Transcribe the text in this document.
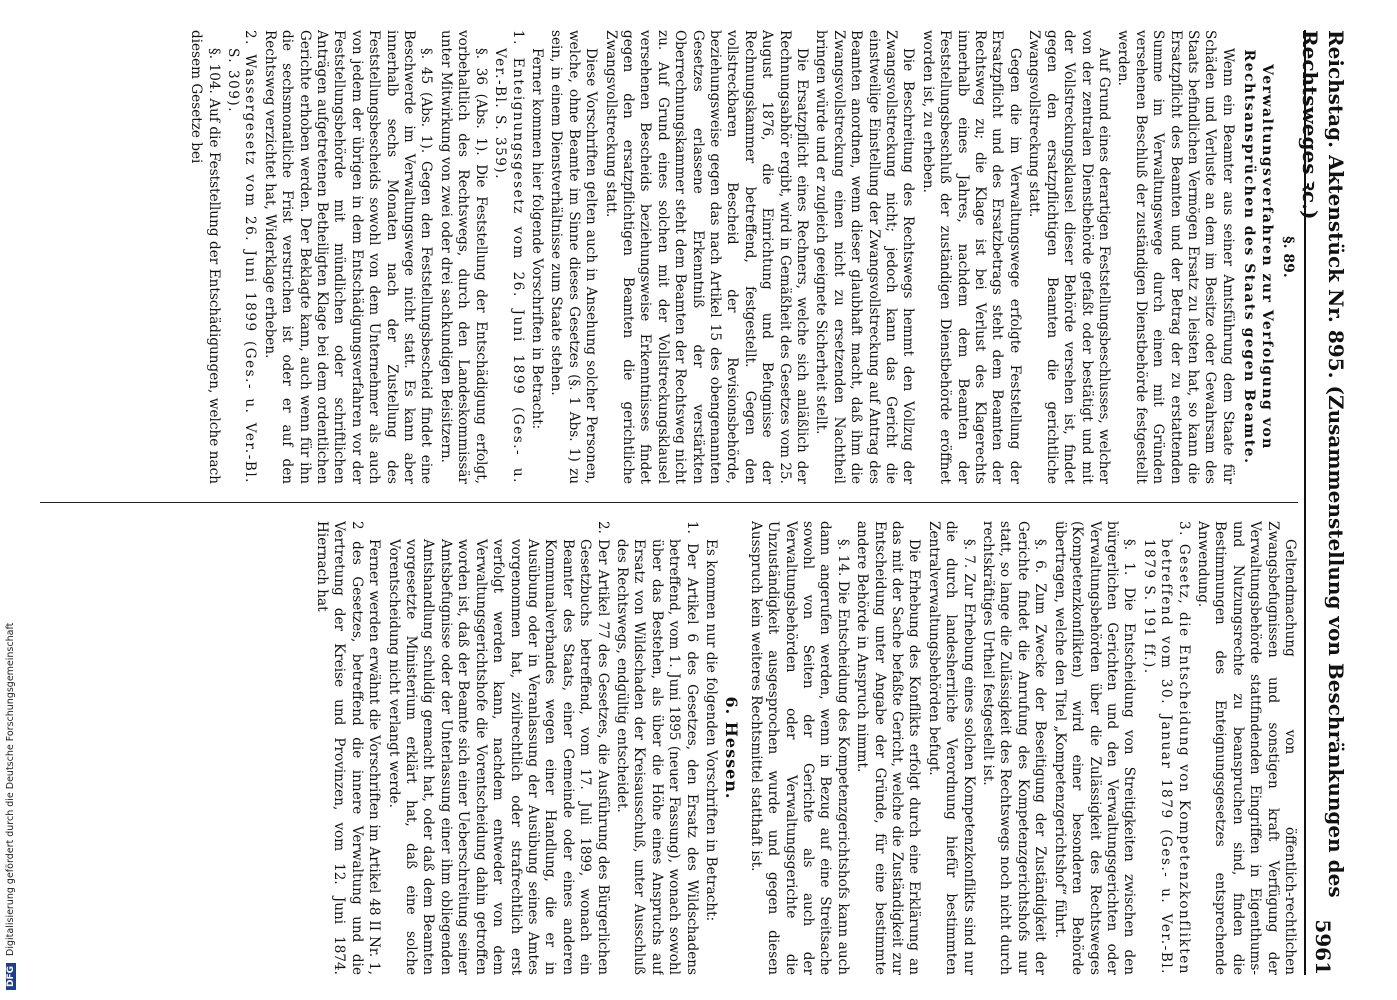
Reichstag. Aktenstück Nr. 895. (Zusammenstellung von Beschränkungen des Rechtsweges ꝛc.)
5961
§. 89.
Verwaltungsverfahren zur Verfolgung von Rechtsansprüchen des Staats gegen Beamte.

Wenn ein Beamter aus seiner Amtsführung dem Staate für Schäden und Verluste an dem im Besitze oder Gewahrsam des Staats befindlichen Vermögen Ersatz zu leisten hat, so kann die Ersatzpflicht des Beamten und der Betrag der zu erstattenden Summe im Verwaltungswege durch einen mit Gründen versehenen Beschluß der zuständigen Dienstbehörde festgestellt werden.

Auf Grund eines derartigen Feststellungsbeschlusses, welcher von der zentralen Dienstbehörde gefaßt oder bestätigt und mit der Vollstreckungsklausel dieser Behörde versehen ist, findet gegen den ersatzpflichtigen Beamten die gerichtliche Zwangsvollstreckung statt.

Gegen die im Verwaltungswege erfolgte Feststellung der Ersatzpflicht und des Ersatzbetrags steht dem Beamten der Rechtsweg zu; die Klage ist bei Verlust des Klagerechts innerhalb eines Jahres, nachdem dem Beamten der Feststellungsbeschluß der zuständigen Dienstbehörde eröffnet worden ist, zu erheben.

Die Beschreitung des Rechtswegs hemmt den Vollzug der Zwangsvollstreckung nicht; jedoch kann das Gericht die einstweilige Einstellung der Zwangsvollstreckung auf Antrag des Beamten anordnen, wenn dieser glaubhaft macht, daß ihm die Zwangsvollstreckung einen nicht zu ersetzenden Nachtheil bringen würde und er zugleich geeignete Sicherheit stellt.

Die Ersatzpflicht eines Rechners, welche sich anläßlich der Rechnungsabhör ergibt, wird in Gemäßheit des Gesetzes vom 25. August 1876, die Einrichtung und Befugnisse der Rechnungskammer betreffend, festgestellt. Gegen den vollstreckbaren Bescheid der Revisionsbehörde, beziehungsweise gegen das nach Artikel 15 des obengenannten Gesetzes erlassene Erkenntniß der verstärkten Oberrechnungskammer steht dem Beamten der Rechtsweg nicht zu. Auf Grund eines solchen mit der Vollstreckungsklausel versehenen Bescheids beziehungsweise Erkenntnisses findet gegen den ersatzpflichtigen Beamten die gerichtliche Zwangsvollstreckung statt.

Diese Vorschriften gelten auch in Ansehung solcher Personen, welche, ohne Beamte im Sinne dieses Gesetzes (§. 1 Abs. 1) zu sein, in einem Dienstverhältnisse zum Staate stehen.

Ferner kommen hier folgende Vorschriften in Betracht:

1. Enteignungsgesetz vom 26. Juni 1899 (Ges.- u. Ver.-Bl. S. 359).

§. 36 (Abs. 1). Die Feststellung der Entschädigung erfolgt, vorbehaltlich des Rechtswegs, durch den Landeskommissär unter Mitwirkung von zwei oder drei sachkundigen Beisitzern.

§. 45 (Abs. 1). Gegen den Feststellungsbescheid findet eine Beschwerde im Verwaltungswege nicht statt. Es kann aber innerhalb sechs Monaten nach der Zustellung des Feststellungsbescheids sowohl von dem Unternehmer als auch von jedem der übrigen in dem Entschädigungsverfahren vor der Feststellungsbehörde mit mündlichen oder schriftlichen Anträgen aufgetretenen Betheiligten Klage bei dem ordentlichen Gerichte erhoben werden. Der Beklagte kann, auch wenn für ihn die sechsmonatliche Frist verstrichen ist oder er auf den Rechtsweg verzichtet hat, Widerklage erheben.

2. Wassergesetz vom 26. Juni 1899 (Ges.- u. Ver.-Bl. S. 309).

§. 104. Auf die Feststellung der Entschädigungen, welche nach diesem Gesetze bei

Geltendmachung von öffentlich-rechtlichen Zwangsbefugnissen und sonstigen kraft Verfügung der Verwaltungsbehörde stattfindenden Eingriffen in Eigenthums- und Nutzungsrechte zu beanspruchen sind, finden die Bestimmungen des Enteignungsgesetzes entsprechende Anwendung.

3. Gesetz, die Entscheidung von Kompetenzkonflikten betreffend vom 30. Januar 1879 (Ges.- u. Ver.-Bl. 1879 S. 191 ff.).

§. 1. Die Entscheidung von Streitigkeiten zwischen den bürgerlichen Gerichten und den Verwaltungsgerichten oder Verwaltungsbehörden über die Zulässigkeit des Rechtsweges (Kompetenzkonflikten) wird einer besonderen Behörde übertragen, welche den Titel „Kompetenzgerichtshof“ führt.

§. 6. Zum Zwecke der Beseitigung der Zuständigkeit der Gerichte findet die Anrufung des Kompetenzgerichtshofs nur statt, so lange die Zulässigkeit des Rechtswegs noch nicht durch rechtskräftiges Urtheil festgestellt ist.

§. 7. Zur Erhebung eines solchen Kompetenzkonflikts sind nur die durch landesherrliche Verordnung hiefür bestimmten Zentralverwaltungsbehörden befugt.

Die Erhebung des Konflikts erfolgt durch eine Erklärung an das mit der Sache befaßte Gericht, welche die Zuständigkeit zur Entscheidung unter Angabe der Gründe, für eine bestimmte andere Behörde in Anspruch nimmt.

§. 14. Die Entscheidung des Kompetenzgerichtshofs kann auch dann angerufen werden, wenn in Bezug auf eine Streitsache sowohl von Seiten der Gerichte als auch der Verwaltungsbehörden oder Verwaltungsgerichte die Unzuständigkeit ausgesprochen wurde und gegen diesen Ausspruch kein weiteres Rechtsmittel statthaft ist.

6. Hessen.

Es kommen nur die folgenden Vorschriften in Betracht:

1. Der Artikel 6 des Gesetzes, den Ersatz des Wildschadens betreffend, vom 1. Juni 1895 (neuer Fassung), wonach sowohl über das Bestehen, als über die Höhe eines Anspruchs auf Ersatz von Wildschaden der Kreisausschuß, unter Ausschluß des Rechtswegs, endgültig entscheidet.

2. Der Artikel 77 des Gesetzes, die Ausführung des Bürgerlichen Gesetzbuchs betreffend, vom 17. Juli 1899, wonach ein Beamter des Staats, einer Gemeinde oder eines anderen Kommunalverbandes wegen einer Handlung, die er in Ausübung oder in Veranlassung der Ausübung seines Amtes vorgenommen hat, zivilrechtlich oder strafrechtlich erst verfolgt werden kann, nachdem entweder von dem Verwaltungsgerichtshofe die Vorentscheidung dahin getroffen worden ist, daß der Beamte sich einer Ueberschreitung seiner Amtsbefugnisse oder der Unterlassung einer ihm obliegenden Amtshandlung schuldig gemacht hat, oder daß dem Beamten vorgesetzte Ministerium erklärt hat, daß eine solche Vorentscheidung nicht verlangt werde.

Ferner werden erwähnt die Vorschriften im Artikel 48 II Nr. 1, 2 des Gesetzes, betreffend die innere Verwaltung und die Vertretung der Kreise und Provinzen, vom 12. Juni 1874. Hiernach hat

DFG Digitalisierung gefördert durch die Deutsche Forschungsgemeinschaft
